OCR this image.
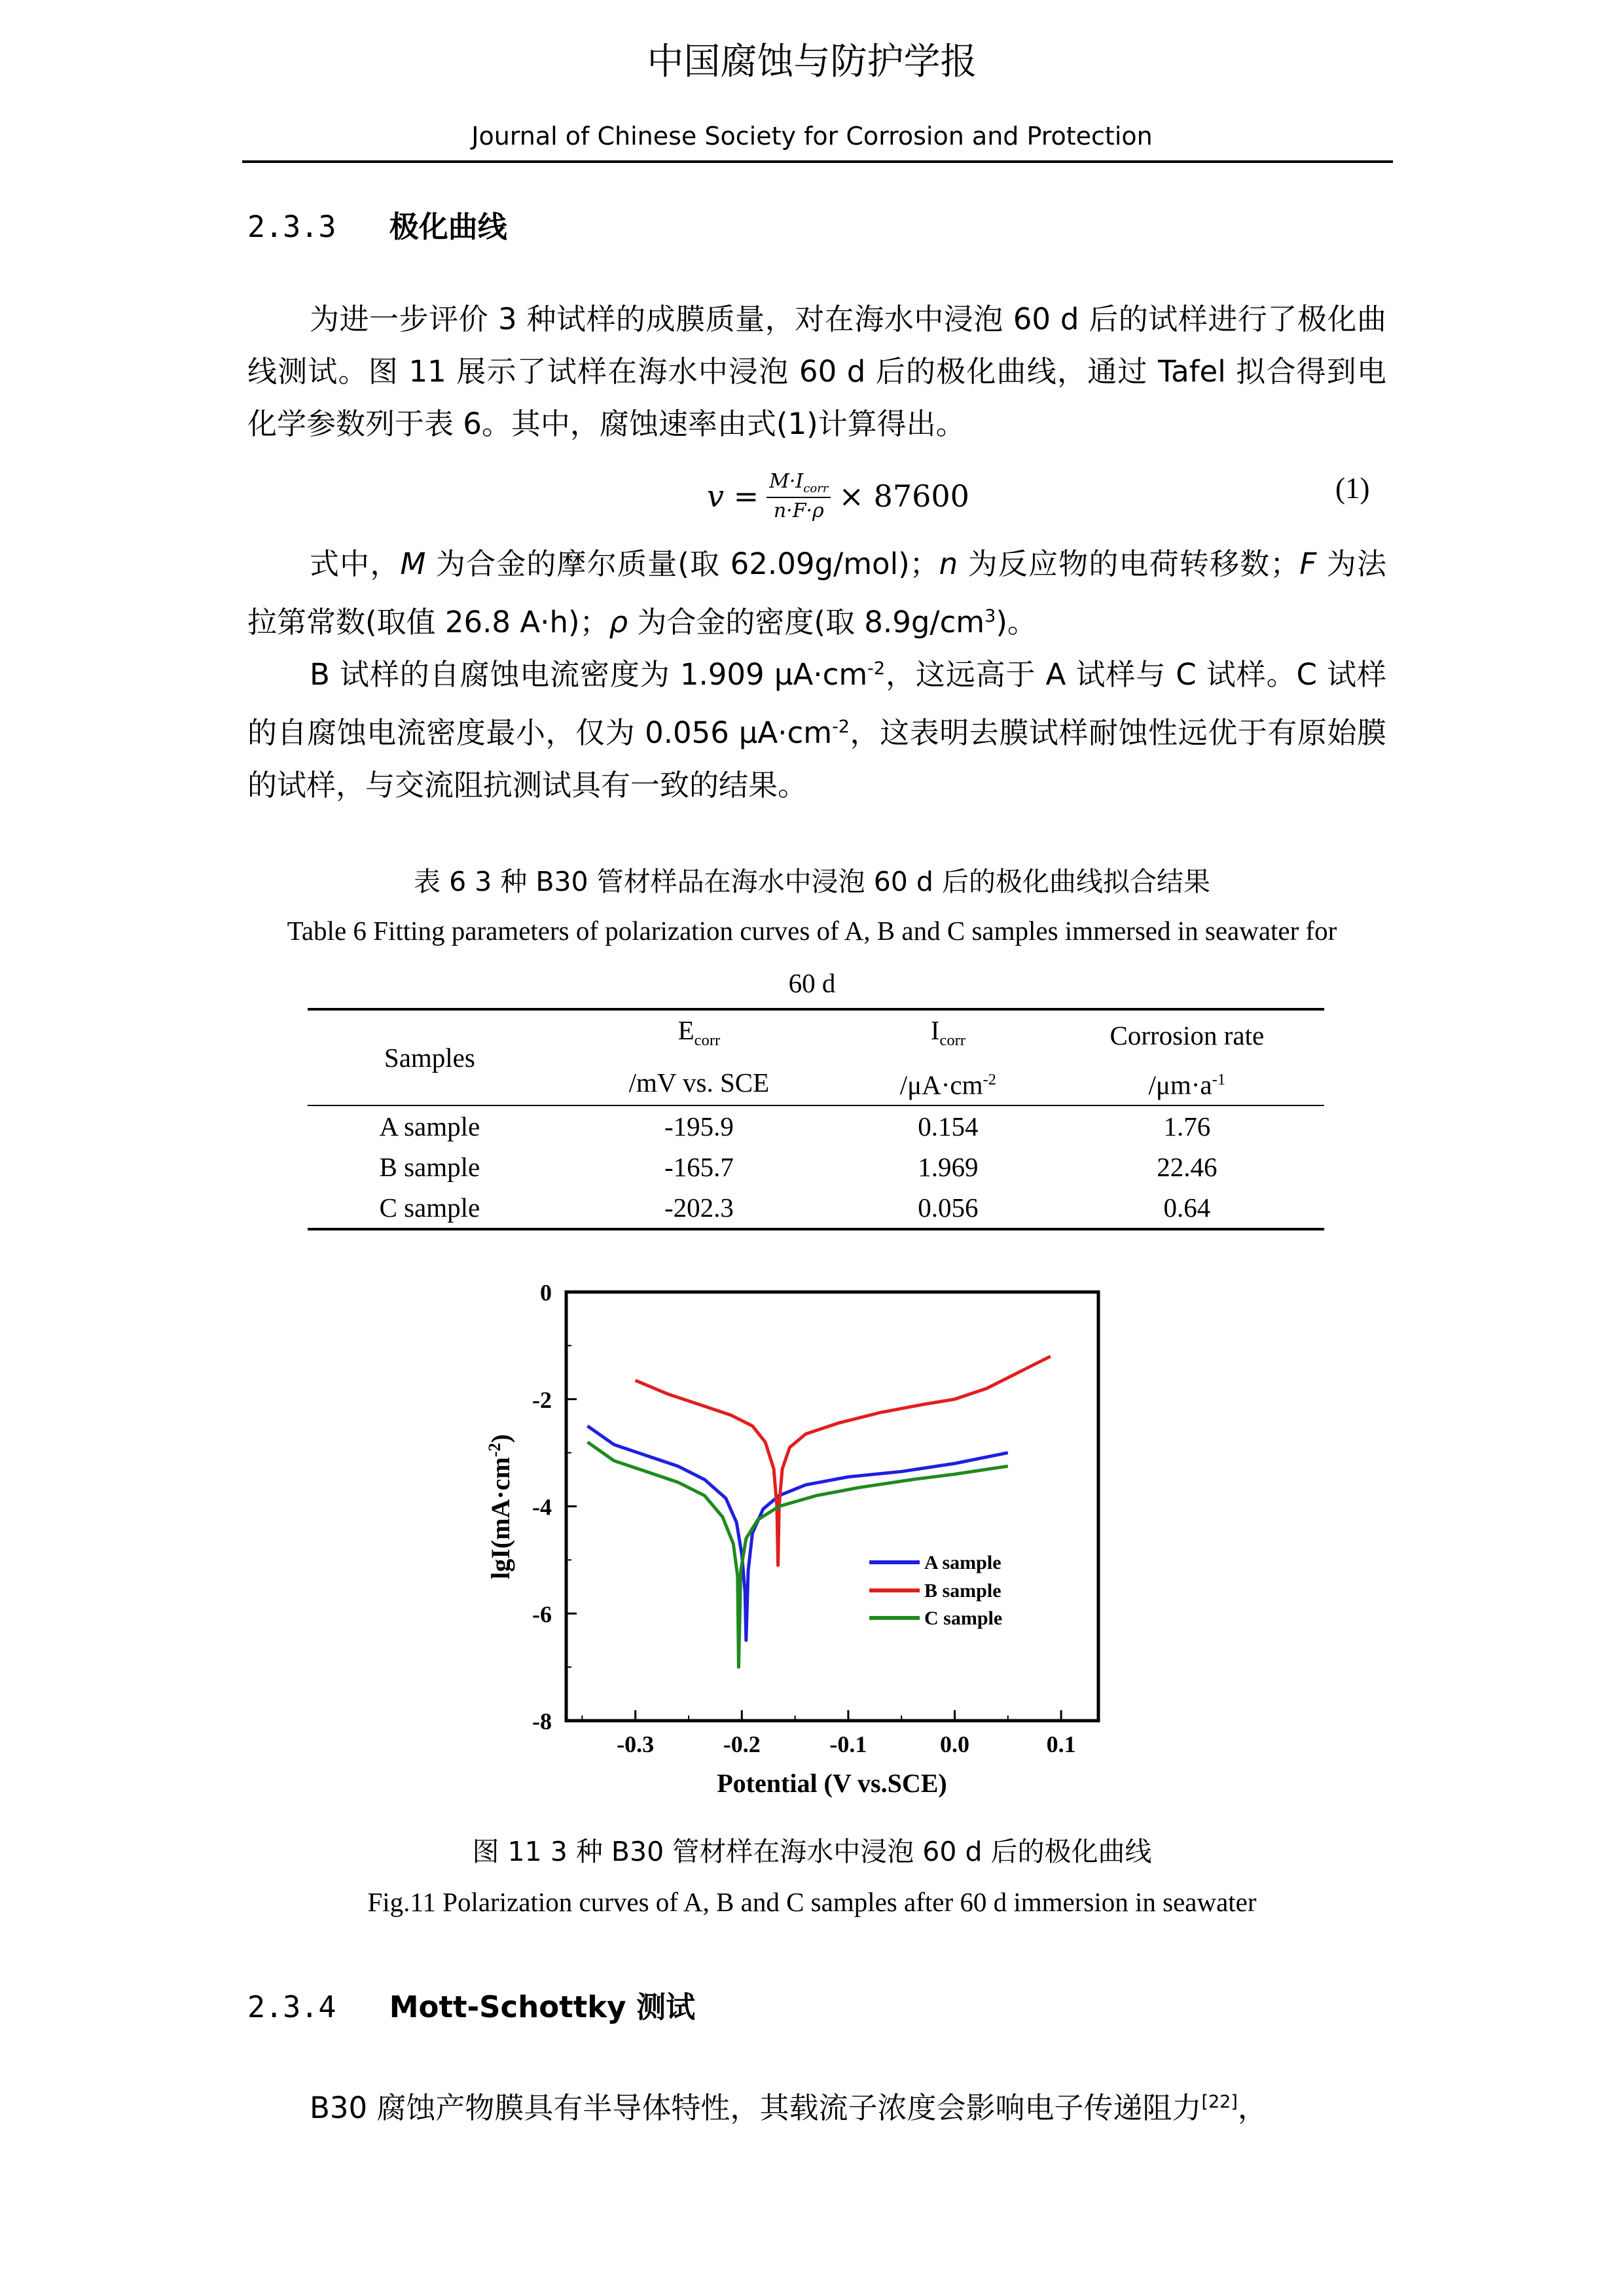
中国腐蚀与防护学报
Journal of Chinese Society for Corrosion and Protection
2.3.3 极化曲线

为进一步评价 3 种试样的成膜质量，对在海水中浸泡 60 d 后的试样进行了极化曲线测试。图 11 展示了试样在海水中浸泡 60 d 后的极化曲线，通过 Tafel 拟合得到电化学参数列于表 6。其中，腐蚀速率由式(1)计算得出。

$v = \frac{M\cdot I_{corr}}{n\cdot F\cdot\rho} \times 87600$	(1)

式中，M 为合金的摩尔质量(取 62.09g/mol)；n 为反应物的电荷转移数；F 为法拉第常数(取值 26.8 A·h)；ρ 为合金的密度(取 $8.9g/cm^3$)。

B 试样的自腐蚀电流密度为 1.909 $\mu A\cdot cm^{-2}$，这远高于 A 试样与 C 试样。C 试样的自腐蚀电流密度最小，仅为 0.056 $\mu A\cdot cm^{-2}$，这表明去膜试样耐蚀性远优于有原始膜的试样，与交流阻抗测试具有一致的结果。

表 6 3 种 B30 管材样品在海水中浸泡 60 d 后的极化曲线拟合结果
Table 6 Fitting parameters of polarization curves of A, B and C samples immersed in seawater for
60 d
Samples	$E_{corr}$	$I_{corr}$	Corrosion rate
	/mV vs. SCE	$/\mu A\cdot cm^{-2}$	$/\mu m\cdot a^{-1}$
A sample	-195.9	0.154	1.76
B sample	-165.7	1.969	22.46
C sample	-202.3	0.056	0.64
-0.3	-0.2	-0.1	0.0	0.1
0
-2
-4
-6
-8
A sample
B sample
C sample
Potential (V vs.SCE)
$\lg I(mA\cdot cm^{-2})$
图 11 3 种 B30 管材样在海水中浸泡 60 d 后的极化曲线
Fig.11 Polarization curves of A, B and C samples after 60 d immersion in seawater
2.3.4 Mott-Schottky 测试

B30 腐蚀产物膜具有半导体特性，其载流子浓度会影响电子传递阻力[22]，
